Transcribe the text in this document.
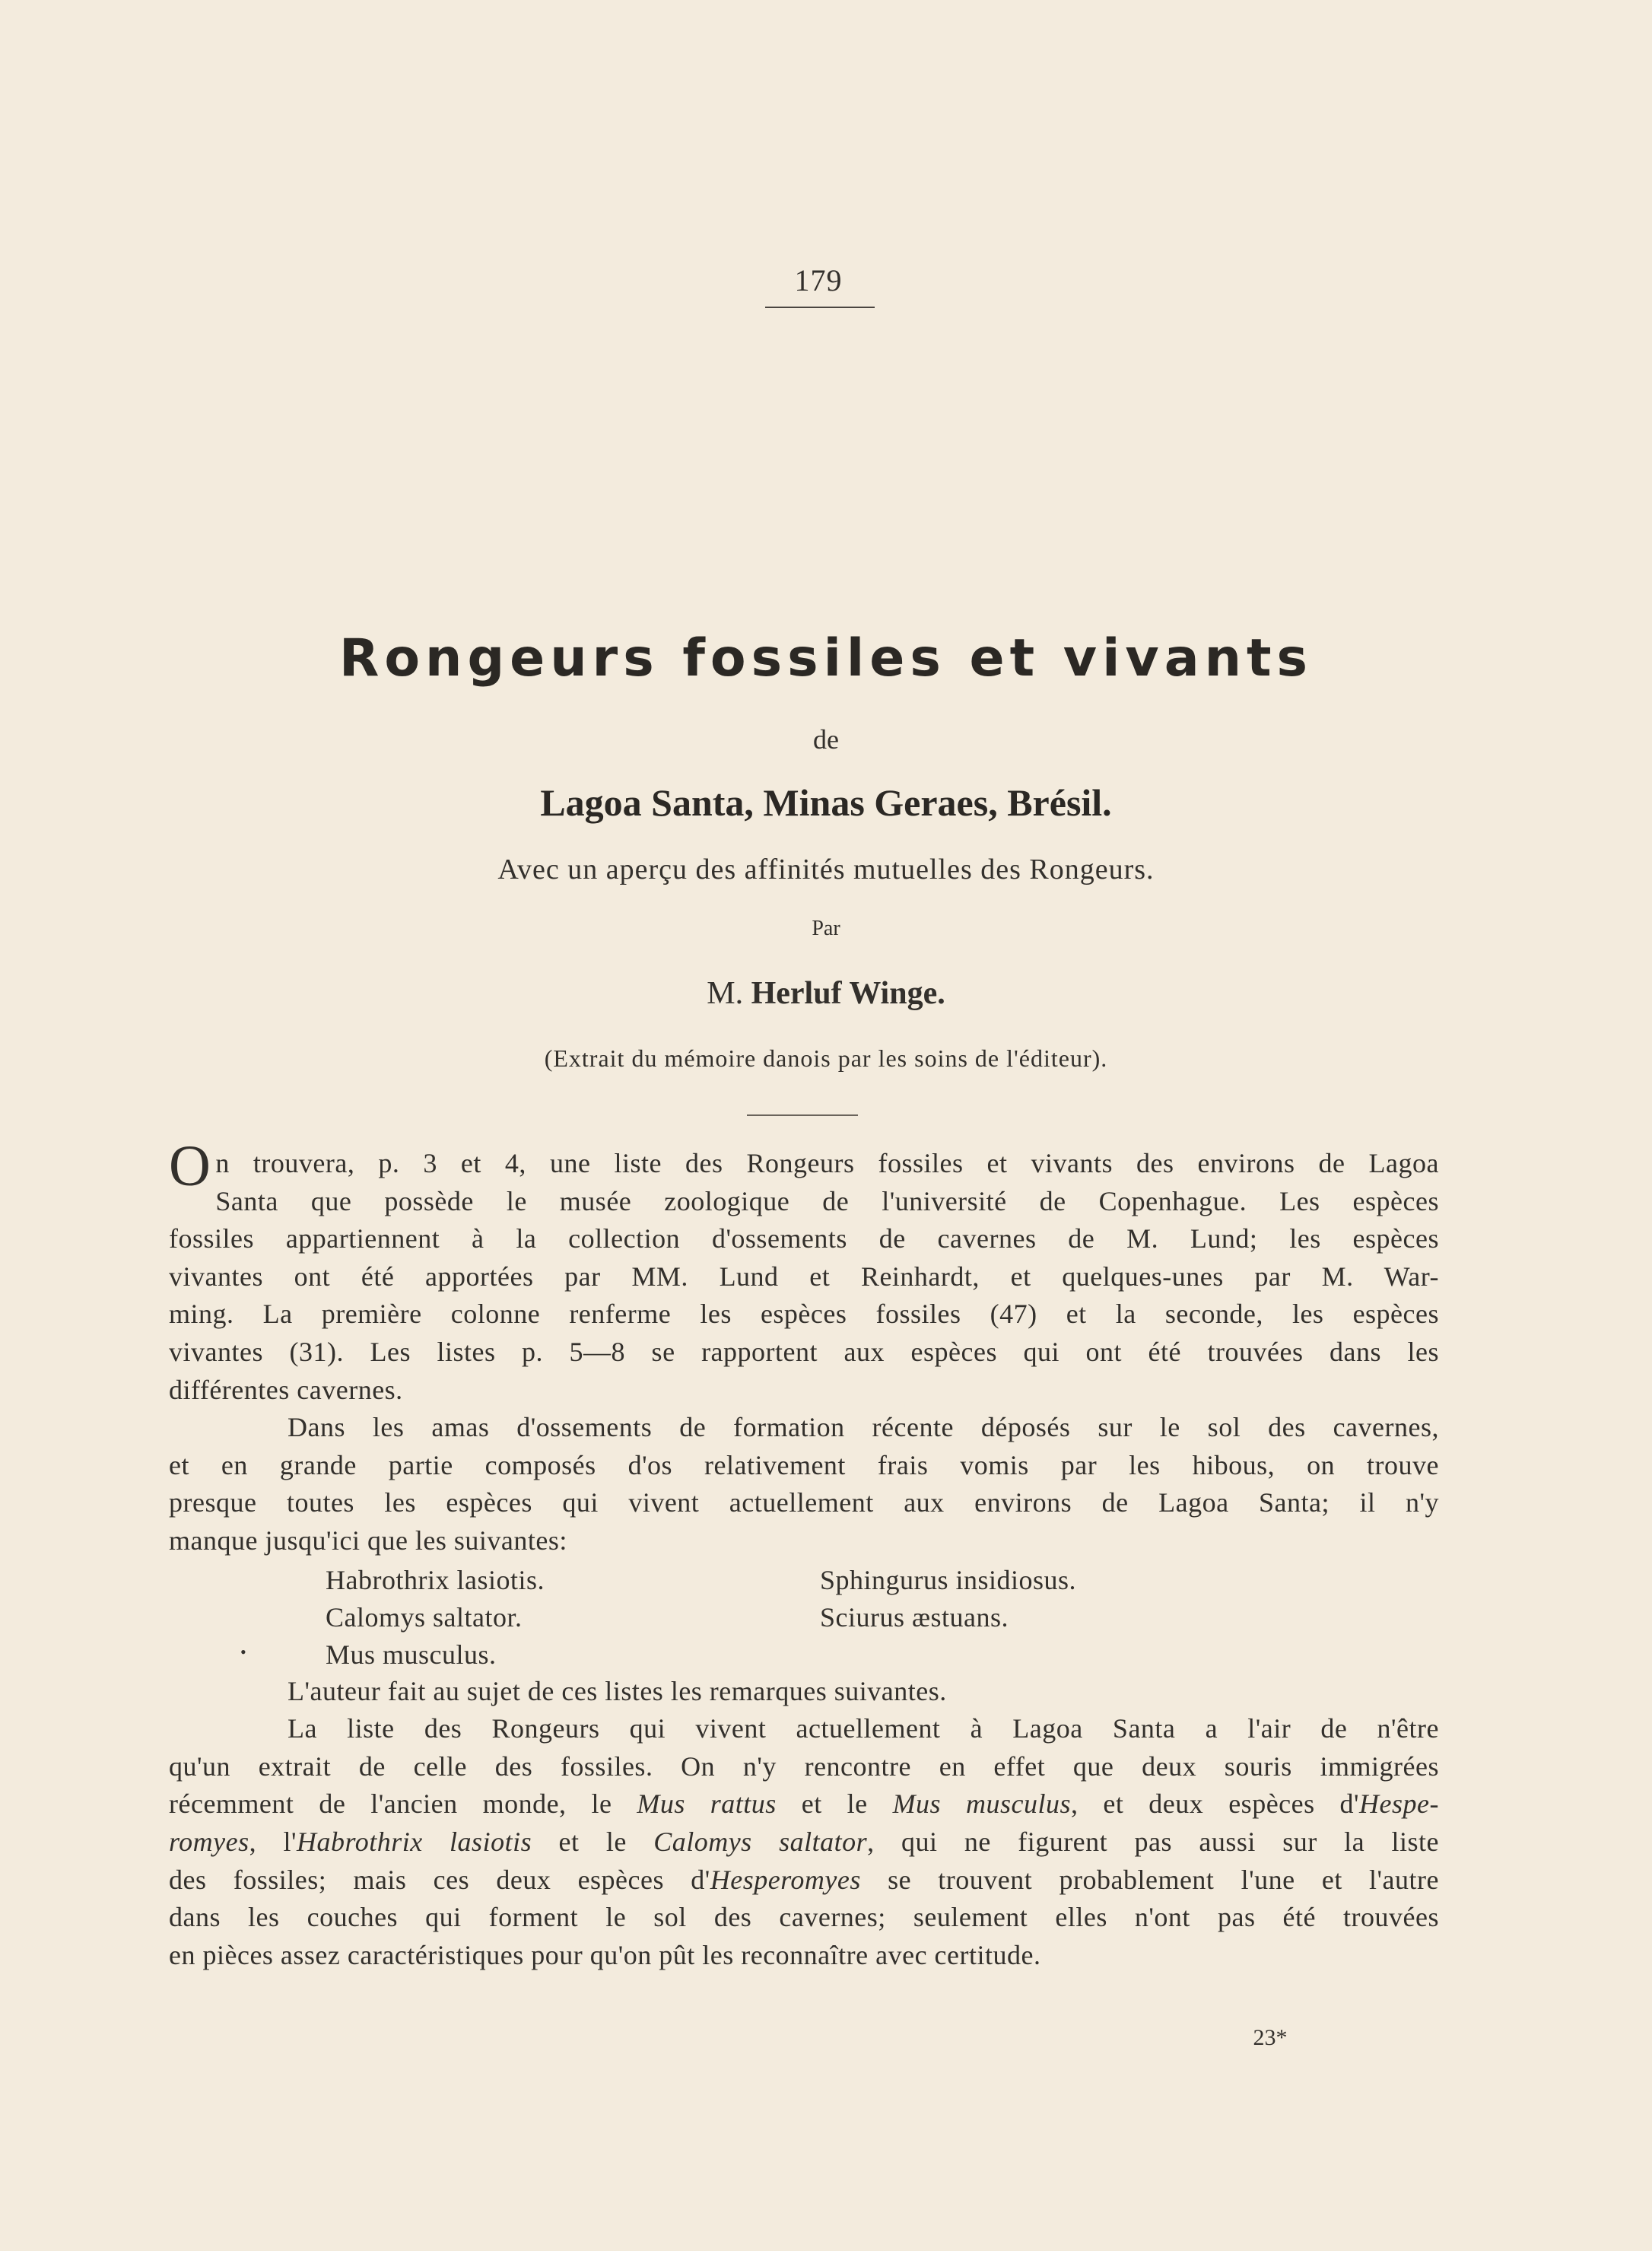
179
Rongeurs fossiles et vivants
de
Lagoa Santa, Minas Geraes, Brésil.
Avec un aperçu des affinités mutuelles des Rongeurs.
Par
M. Herluf Winge.
(Extrait du mémoire danois par les soins de l'éditeur).
O n trouvera, p. 3 et 4, une liste des Rongeurs fossiles et vivants des environs de Lagoa
Santa que possède le musée zoologique de l'université de Copenhague. Les espèces
fossiles appartiennent à la collection d'ossements de cavernes de M. Lund; les espèces
vivantes ont été apportées par MM. Lund et Reinhardt, et quelques-unes par M. War-
ming. La première colonne renferme les espèces fossiles (47) et la seconde, les espèces
vivantes (31). Les listes p. 5—8 se rapportent aux espèces qui ont été trouvées dans les
différentes cavernes.
Dans les amas d'ossements de formation récente déposés sur le sol des cavernes,
et en grande partie composés d'os relativement frais vomis par les hibous, on trouve
presque toutes les espèces qui vivent actuellement aux environs de Lagoa Santa; il n'y
manque jusqu'ici que les suivantes:
Habrothrix lasiotis.
Calomys saltator.
Mus musculus.
•
Sphingurus insidiosus.
Sciurus æstuans.
L'auteur fait au sujet de ces listes les remarques suivantes.
La liste des Rongeurs qui vivent actuellement à Lagoa Santa a l'air de n'être
qu'un extrait de celle des fossiles. On n'y rencontre en effet que deux souris immigrées
récemment de l'ancien monde, le Mus rattus et le Mus musculus, et deux espèces d'Hespe-
romyes, l'Habrothrix lasiotis et le Calomys saltator, qui ne figurent pas aussi sur la liste
des fossiles; mais ces deux espèces d'Hesperomyes se trouvent probablement l'une et l'autre
dans les couches qui forment le sol des cavernes; seulement elles n'ont pas été trouvées
en pièces assez caractéristiques pour qu'on pût les reconnaître avec certitude.
23*
